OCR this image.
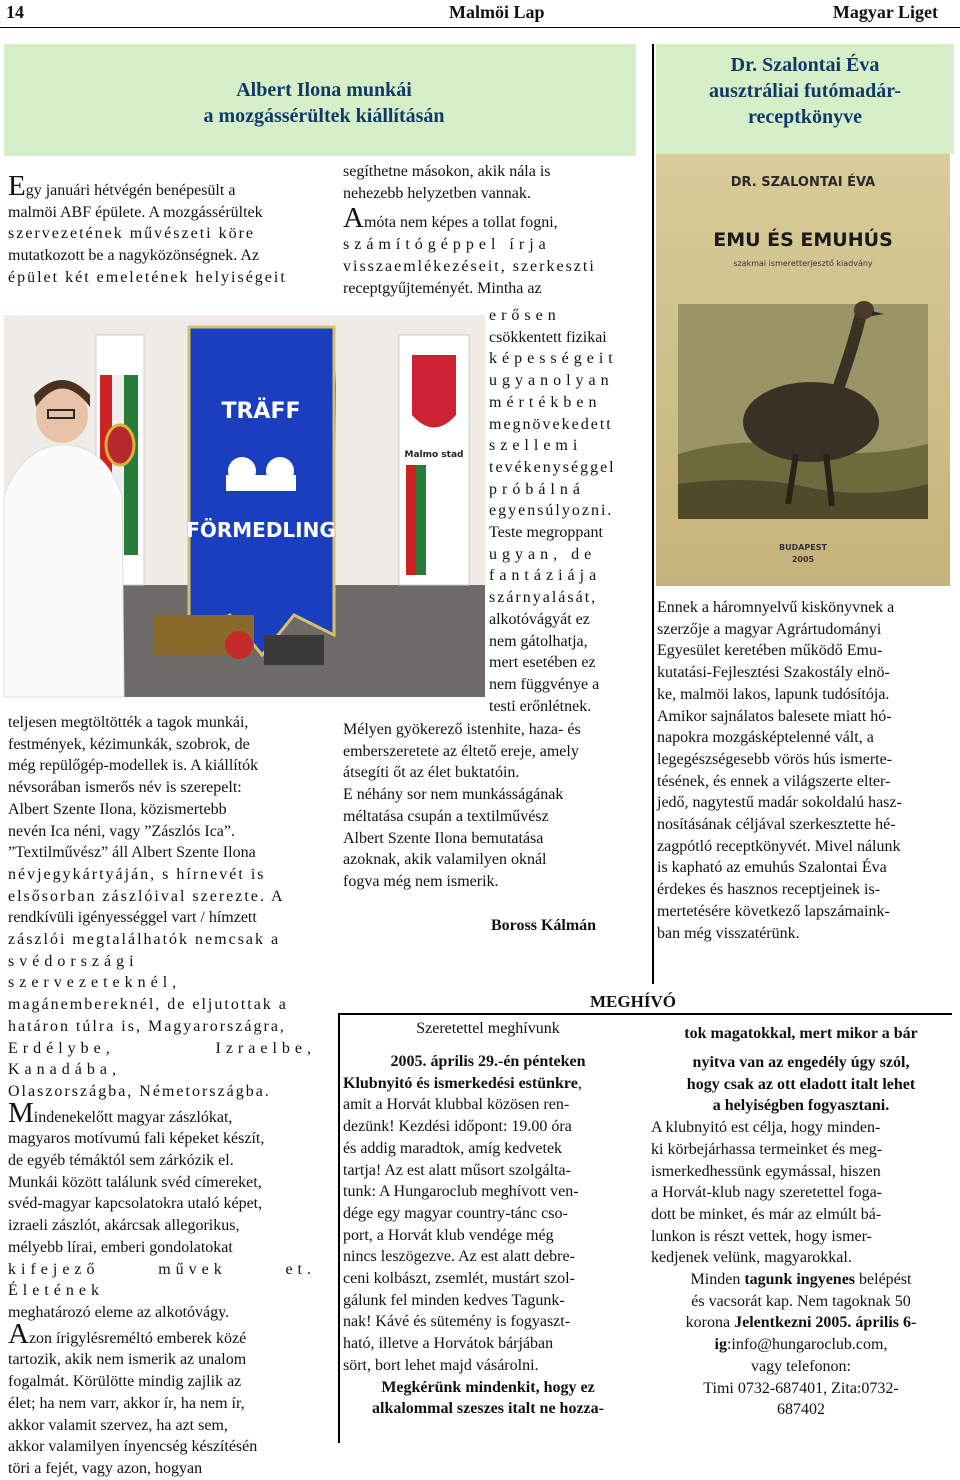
14	Malmöi Lap	Magyar Liget
Albert Ilona munkái
a mozgássérültek kiállításán
Dr. Szalontai Éva
ausztráliai futómadár-
receptkönyve

Egy januári hétvégén benépesült a

malmöi ABF épülete. A mozgássérültek

szervezetének művészeti köre

mutatkozott be a nagyközönségnek. Az

épület két emeletének helyiségeit

TRÄFF
FÖRMEDLING
Malmo stad

teljesen megtöltötték a tagok munkái,

festmények, kézimunkák, szobrok, de

még repülőgép-modellek is. A kiállítók

névsorában ismerős név is szerepelt:

Albert Szente Ilona, közismertebb

nevén Ica néni, vagy ”Zászlós Ica”.

”Textilművész” áll Albert Szente Ilona

névjegykártyáján, s hírnevét is

elsősorban zászlóival szerezte. A

rendkívüli igényességgel vart / hímzett

zászlói megtalálhatók nemcsak a

svédországi szervezeteknél,

magánembereknél, de eljutottak a

határon túlra is, Magyarországra,

Erdélybe, Izraelbe, Kanadába,

Olaszországba, Németországba.

Mindenekelőtt magyar zászlókat,

magyaros motívumú fali képeket készít,

de egyéb témáktól sem zárkózik el.

Munkái között találunk svéd címereket,

svéd-magyar kapcsolatokra utaló képet,

izraeli zászlót, akárcsak allegorikus,

mélyebb lírai, emberi gondolatokat

kifejező művek et. Életének

meghatározó eleme az alkotóvágy.

Azon írigylésreméltó emberek közé

tartozik, akik nem ismerik az unalom

fogalmát. Körülötte mindig zajlik az

élet; ha nem varr, akkor ír, ha nem ír,

akkor valamit szervez, ha azt sem,

akkor valamilyen ínyencség készítésén

töri a fejét, vagy azon, hogyan

segíthetne másokon, akik nála is

nehezebb helyzetben vannak.

Amóta nem képes a tollat fogni,

számítógéppel írja

visszaemlékezéseit, szerkeszti

receptgyűjteményét. Mintha az

erősen

csökkentett fizikai

képességeit

ugyanolyan

mértékben

megnövekedett

szellemi

tevékenységgel

próbálná

egyensúlyozni.

Teste megroppant

ugyan, de

fantáziája

szárnyalását,

alkotóvágyát ez

nem gátolhatja,

mert esetében ez

nem függvénye a

testi erőnlétnek.

Mélyen gyökerező istenhite, haza- és

emberszeretete az éltető ereje, amely

átsegíti őt az élet buktatóin.

E néhány sor nem munkásságának

méltatása csupán a textilművész

Albert Szente Ilona bemutatása

azoknak, akik valamilyen oknál

fogva még nem ismerik.

Boross Kálmán
DR. SZALONTAI ÉVA
EMU ÉS EMUHÚS
szakmai ismeretterjesztő kiadvány
BUDAPEST
2005

Ennek a háromnyelvű kiskönyvnek a

szerzője a magyar Agrártudományi

Egyesület keretében működő Emu-

kutatási-Fejlesztési Szakostály elnö-

ke, malmöi lakos, lapunk tudósítója.

Amikor sajnálatos balesete miatt hó-

napokra mozgásképtelenné vált, a

legegészségesebb vörös hús ismerte-

tésének, és ennek a világszerte elter-

jedő, nagytestű madár sokoldalú hasz-

nosításának céljával szerkesztette hé-

zagpótló receptkönyvét. Mivel nálunk

is kapható az emuhús Szalontai Éva

érdekes és hasznos receptjeinek is-

mertetésére következő lapszámaink-

ban még visszatérünk.

MEGHÍVÓ

Szeretettel meghívunk

2005. április 29.-én pénteken

Klubnyitó és ismerkedési estünkre,

amit a Horvát klubbal közösen ren-

dezünk! Kezdési időpont: 19.00 óra

és addig maradtok, amíg kedvetek

tartja! Az est alatt műsort szolgálta-

tunk: A Hungaroclub meghívott ven-

dége egy magyar country-tánc cso-

port, a Horvát klub vendége még

nincs leszögezve. Az est alatt debre-

ceni kolbászt, zsemlét, mustárt szol-

gálunk fel minden kedves Tagunk-

nak! Kávé és sütemény is fogyaszt-

ható, illetve a Horvátok bárjában

sört, bort lehet majd vásárolni.

Megkérünk mindenkit, hogy ez

alkalommal szeszes italt ne hozza-

tok magatokkal, mert mikor a bár

nyitva van az engedély úgy szól,

hogy csak az ott eladott italt lehet

a helyiségben fogyasztani.

A klubnyitó est célja, hogy minden-

ki körbejárhassa termeinket és meg-

ismerkedhessünk egymással, hiszen

a Horvát-klub nagy szeretettel foga-

dott be minket, és már az elmúlt bá-

lunkon is részt vettek, hogy ismer-

kedjenek velünk, magyarokkal.

Minden tagunk ingyenes belépést

és vacsorát kap. Nem tagoknak 50

korona Jelentkezni 2005. április 6-

ig:info@hungaroclub.com,

vagy telefonon:

Timi 0732-687401, Zita:0732-

687402
